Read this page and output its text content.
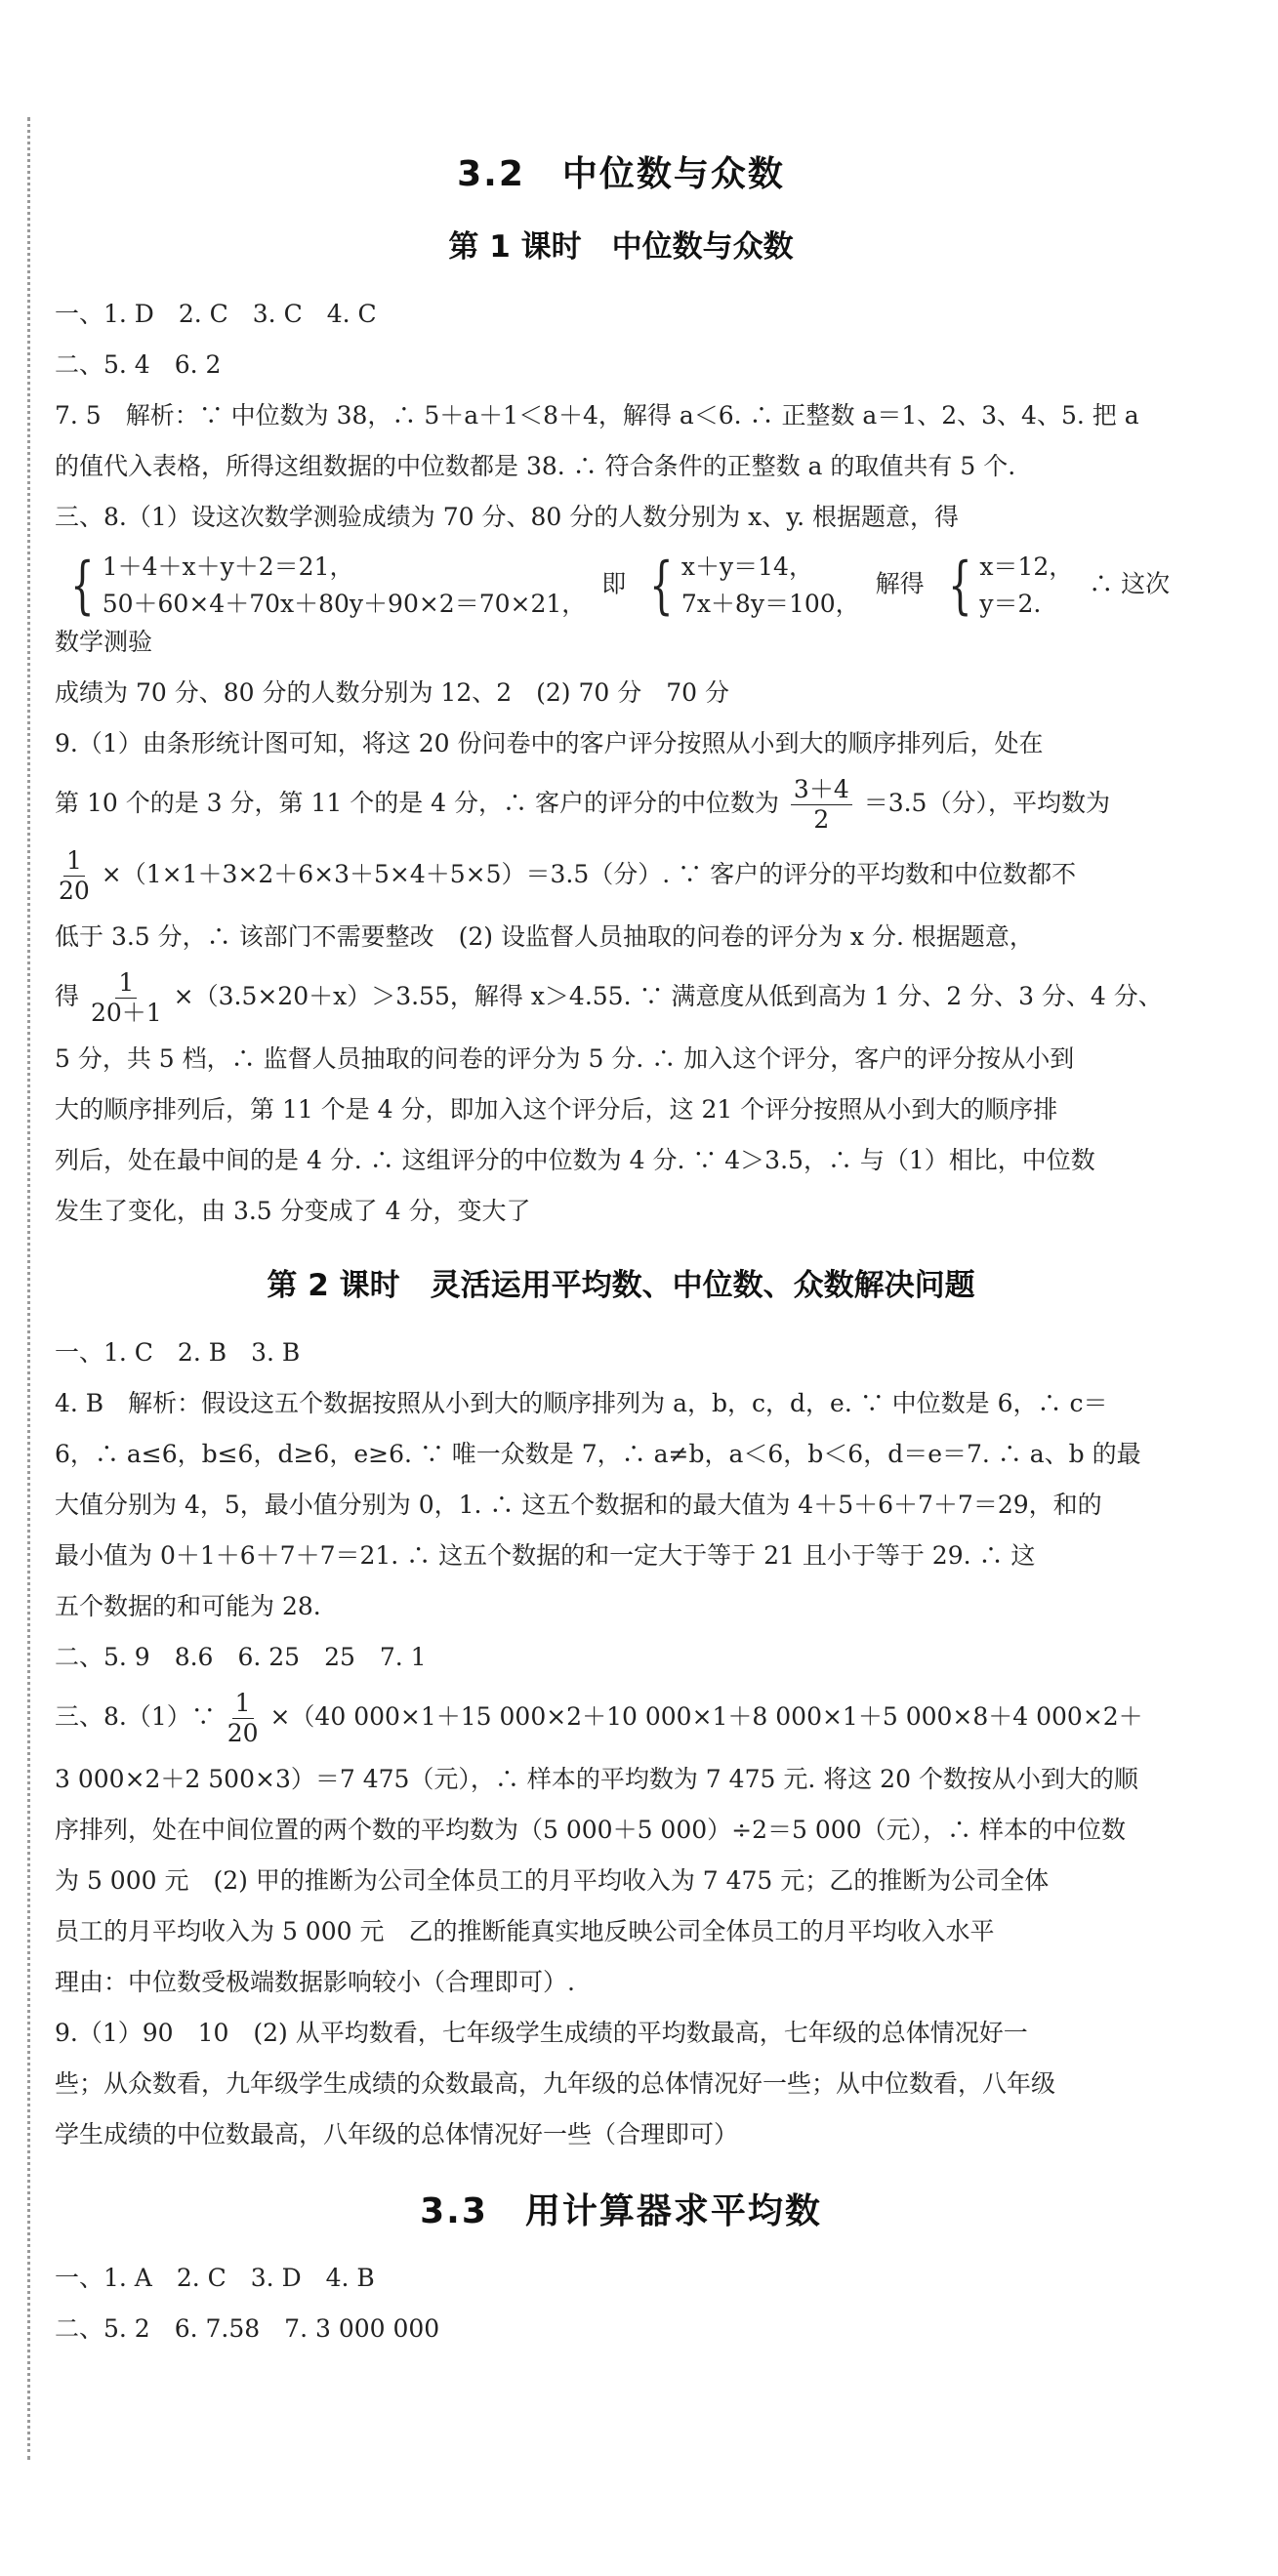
3.2　中位数与众数
第 1 课时　中位数与众数
一、1. D　2. C　3. C　4. C
二、5. 4　6. 2
7. 5　解析：∵ 中位数为 38，∴ 5＋a＋1＜8＋4，解得 a＜6. ∴ 正整数 a＝1、2、3、4、5. 把 a
的值代入表格，所得这组数据的中位数都是 38. ∴ 符合条件的正整数 a 的取值共有 5 个.
三、8.（1）设这次数学测验成绩为 70 分、80 分的人数分别为 x、y. 根据题意，得
{ 1＋4＋x＋y＋2＝21，
50＋60×4＋70x＋80y＋90×2＝70×21，
即 { x＋y＝14，
7x＋8y＝100，
解得 { x＝12，
y＝2.
∴ 这次数学测验
成绩为 70 分、80 分的人数分别为 12、2　(2) 70 分　70 分
9.（1）由条形统计图可知，将这 20 份问卷中的客户评分按照从小到大的顺序排列后，处在
第 10 个的是 3 分，第 11 个的是 4 分，∴ 客户的评分的中位数为 $\frac{3+4}{2} =3.5$（分），平均数为
$\frac{1}{20} \times(1\times 1+3\times 2+6\times 3+5\times 4+5\times 5)=3.5$（分）. ∵ 客户的评分的平均数和中位数都不
低于 3.5 分，∴ 该部门不需要整改　(2) 设监督人员抽取的问卷的评分为 x 分. 根据题意，
得 $\frac{1}{20+1} \times(3.5\times 20+x)>3.55$，解得 x＞4.55. ∵ 满意度从低到高为 1 分、2 分、3 分、4 分、
5 分，共 5 档，∴ 监督人员抽取的问卷的评分为 5 分. ∴ 加入这个评分，客户的评分按从小到
大的顺序排列后，第 11 个是 4 分，即加入这个评分后，这 21 个评分按照从小到大的顺序排
列后，处在最中间的是 4 分. ∴ 这组评分的中位数为 4 分. ∵ 4＞3.5，∴ 与（1）相比，中位数
发生了变化，由 3.5 分变成了 4 分，变大了
第 2 课时　灵活运用平均数、中位数、众数解决问题
一、1. C　2. B　3. B
4. B　解析：假设这五个数据按照从小到大的顺序排列为 a，b，c，d，e. ∵ 中位数是 6，∴ c＝
6，∴ a≤6，b≤6，d≥6，e≥6. ∵ 唯一众数是 7，∴ a≠b，a＜6，b＜6，d＝e＝7. ∴ a、b 的最
大值分别为 4，5，最小值分别为 0，1. ∴ 这五个数据和的最大值为 4＋5＋6＋7＋7＝29，和的
最小值为 0＋1＋6＋7＋7＝21. ∴ 这五个数据的和一定大于等于 21 且小于等于 29. ∴ 这
五个数据的和可能为 28.
二、5. 9　8.6　6. 25　25　7. 1
三、8.（1）∵ $\frac{1}{20} \times(40$ 000×1＋15 000×2＋10 000×1＋8 000×1＋5 000×8＋4 000×2＋
3 000×2＋2 500×3）＝7 475（元），∴ 样本的平均数为 7 475 元. 将这 20 个数按从小到大的顺
序排列，处在中间位置的两个数的平均数为（5 000＋5 000）÷2＝5 000（元），∴ 样本的中位数
为 5 000 元　(2) 甲的推断为公司全体员工的月平均收入为 7 475 元；乙的推断为公司全体
员工的月平均收入为 5 000 元　乙的推断能真实地反映公司全体员工的月平均收入水平
理由：中位数受极端数据影响较小（合理即可）.
9.（1）90　10　(2) 从平均数看，七年级学生成绩的平均数最高，七年级的总体情况好一
些；从众数看，九年级学生成绩的众数最高，九年级的总体情况好一些；从中位数看，八年级
学生成绩的中位数最高，八年级的总体情况好一些（合理即可）
3.3　用计算器求平均数
一、1. A　2. C　3. D　4. B
二、5. 2　6. 7.58　7. 3 000 000
